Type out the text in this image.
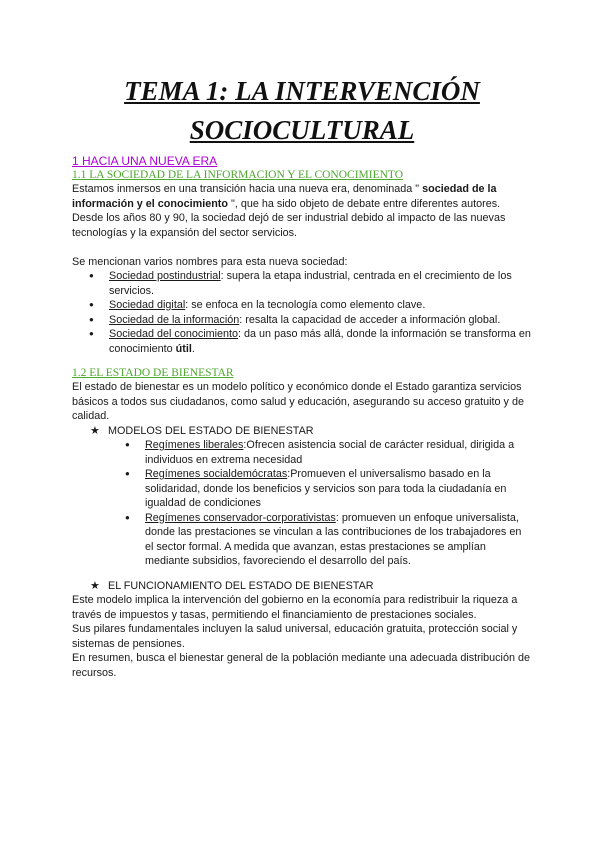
TEMA 1: LA INTERVENCIÓN
SOCIOCULTURAL
1 HACIA UNA NUEVA ERA
1.1 LA SOCIEDAD DE LA INFORMACION Y EL CONOCIMIENTO

Estamos inmersos en una transición hacia una nueva era, denominada " sociedad de la información y el conocimiento ", que ha sido objeto de debate entre diferentes autores.

Desde los años 80 y 90, la sociedad dejó de ser industrial debido al impacto de las nuevas tecnologías y la expansión del sector servicios.

Se mencionan varios nombres para esta nueva sociedad:

● Sociedad postindustrial: supera la etapa industrial, centrada en el crecimiento de los servicios.
● Sociedad digital: se enfoca en la tecnología como elemento clave.
● Sociedad de la información: resalta la capacidad de acceder a información global.
● Sociedad del conocimiento: da un paso más allá, donde la información se transforma en conocimiento útil.
1.2 EL ESTADO DE BIENESTAR

El estado de bienestar es un modelo político y económico donde el Estado garantiza servicios básicos a todos sus ciudadanos, como salud y educación, asegurando su acceso gratuito y de calidad.

★ MODELOS DEL ESTADO DE BIENESTAR
● Regímenes liberales:Ofrecen asistencia social de carácter residual, dirigida a individuos en extrema necesidad
● Regímenes socialdemócratas:Promueven el universalismo basado en la solidaridad, donde los beneficios y servicios son para toda la ciudadanía en igualdad de condiciones
● Regímenes conservador-corporativistas: promueven un enfoque universalista, donde las prestaciones se vinculan a las contribuciones de los trabajadores en el sector formal. A medida que avanzan, estas prestaciones se amplían mediante subsidios, favoreciendo el desarrollo del país.
★ EL FUNCIONAMIENTO DEL ESTADO DE BIENESTAR

Este modelo implica la intervención del gobierno en la economía para redistribuir la riqueza a través de impuestos y tasas, permitiendo el financiamiento de prestaciones sociales.

Sus pilares fundamentales incluyen la salud universal, educación gratuita, protección social y sistemas de pensiones.

En resumen, busca el bienestar general de la población mediante una adecuada distribución de recursos.
